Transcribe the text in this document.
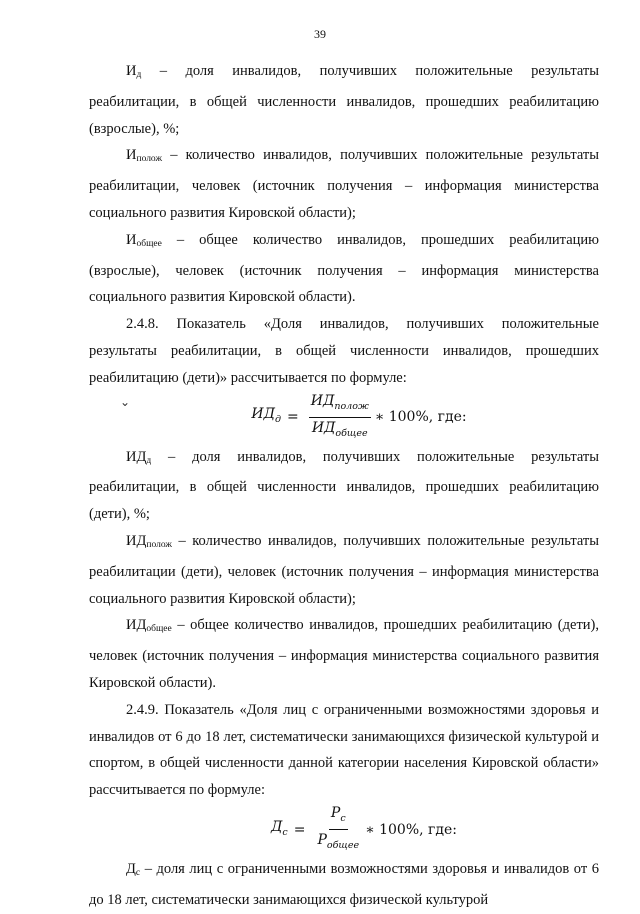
39
⌄

$И_д$ – доля инвалидов, получивших положительные результаты реабилитации, в общей численности инвалидов, прошедших реабилитацию (взрослые), %;

$И_{полож}$ – количество инвалидов, получивших положительные результаты реабилитации, человек (источник получения – информация министерства социального развития Кировской области);

$И_{общее}$ – общее количество инвалидов, прошедших реабилитацию (взрослые), человек (источник получения – информация министерства социального развития Кировской области).

2.4.8. Показатель «Доля инвалидов, получивших положительные результаты реабилитации, в общей численности инвалидов, прошедших реабилитацию (дети)» рассчитывается по формуле:

$ИД_д = \frac{ИД_{полож}}{ИД_{общее}}$ ∗ 100%, где:

$ИД_д$ – доля инвалидов, получивших положительные результаты реабилитации, в общей численности инвалидов, прошедших реабилитацию (дети), %;

$ИД_{полож}$ – количество инвалидов, получивших положительные результаты реабилитации (дети), человек (источник получения – информация министерства социального развития Кировской области);

$ИД_{общее}$ – общее количество инвалидов, прошедших реабилитацию (дети), человек (источник получения – информация министерства социального развития Кировской области).

2.4.9. Показатель «Доля лиц с ограниченными возможностями здоровья и инвалидов от 6 до 18 лет, систематически занимающихся физической культурой и спортом, в общей численности данной категории населения Кировской области» рассчитывается по формуле:

$Д_с = \frac{P_с}{P_{общее}}$ ∗ 100%, где:

$Д_с$ – доля лиц с ограниченными возможностями здоровья и инвалидов от 6 до 18 лет, систематически занимающихся физической культурой
